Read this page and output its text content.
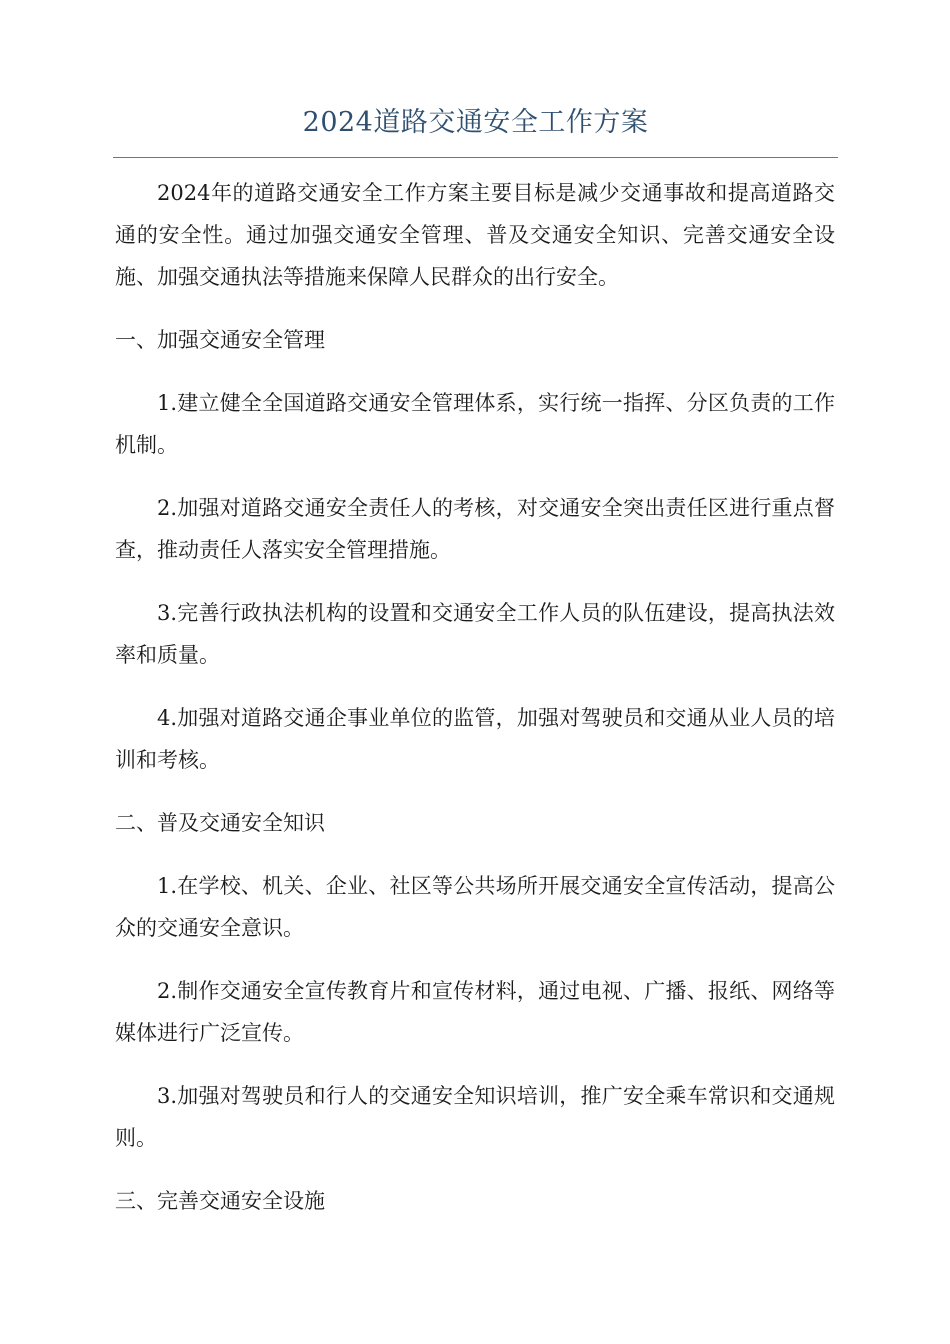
2024道路交通安全工作方案

2024年的道路交通安全工作方案主要目标是减少交通事故和提高道路交通的安全性。通过加强交通安全管理、普及交通安全知识、完善交通安全设施、加强交通执法等措施来保障人民群众的出行安全。

一、加强交通安全管理

1.建立健全全国道路交通安全管理体系，实行统一指挥、分区负责的工作机制。

2.加强对道路交通安全责任人的考核，对交通安全突出责任区进行重点督查，推动责任人落实安全管理措施。

3.完善行政执法机构的设置和交通安全工作人员的队伍建设，提高执法效率和质量。

4.加强对道路交通企事业单位的监管，加强对驾驶员和交通从业人员的培训和考核。

二、普及交通安全知识

1.在学校、机关、企业、社区等公共场所开展交通安全宣传活动，提高公众的交通安全意识。

2.制作交通安全宣传教育片和宣传材料，通过电视、广播、报纸、网络等媒体进行广泛宣传。

3.加强对驾驶员和行人的交通安全知识培训，推广安全乘车常识和交通规则。

三、完善交通安全设施
